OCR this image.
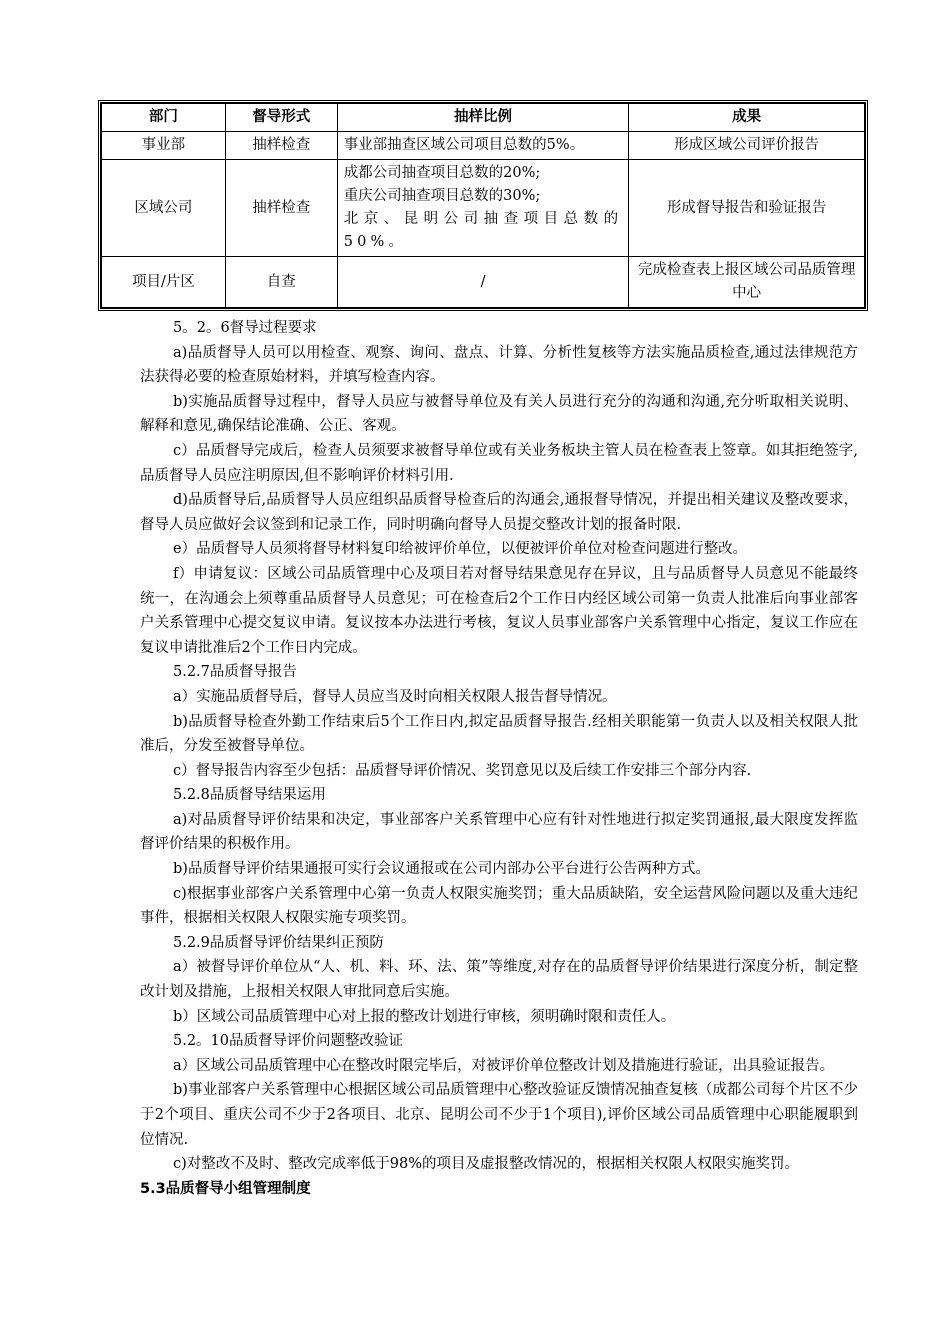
部门	督导形式	抽样比例	成果
事业部	抽样检查	事业部抽查区域公司项目总数的5%。	形成区域公司评价报告
区域公司	抽样检查	成都公司抽查项目总数的20%;
重庆公司抽查项目总数的30%;
北京、昆明公司抽查项目总数的50%。	形成督导报告和验证报告
项目/片区	自查	/	完成检查表上报区域公司品质管理中心

5。2。6督导过程要求

a)品质督导人员可以用检查、观察、询问、盘点、计算、分析性复核等方法实施品质检查,通过法律规范方法获得必要的检查原始材料，并填写检查内容。

b)实施品质督导过程中，督导人员应与被督导单位及有关人员进行充分的沟通和沟通,充分听取相关说明、解释和意见,确保结论准确、公正、客观。

c）品质督导完成后，检查人员须要求被督导单位或有关业务板块主管人员在检查表上签章。如其拒绝签字,品质督导人员应注明原因,但不影响评价材料引用.

d)品质督导后,品质督导人员应组织品质督导检查后的沟通会,通报督导情况，并提出相关建议及整改要求，督导人员应做好会议签到和记录工作，同时明确向督导人员提交整改计划的报备时限.

e）品质督导人员须将督导材料复印给被评价单位，以便被评价单位对检查问题进行整改。

f）申请复议：区域公司品质管理中心及项目若对督导结果意见存在异议，且与品质督导人员意见不能最终统一，在沟通会上须尊重品质督导人员意见；可在检查后2个工作日内经区域公司第一负责人批准后向事业部客户关系管理中心提交复议申请。复议按本办法进行考核，复议人员事业部客户关系管理中心指定，复议工作应在复议申请批准后2个工作日内完成。

5.2.7品质督导报告

a）实施品质督导后，督导人员应当及时向相关权限人报告督导情况。

b)品质督导检查外勤工作结束后5个工作日内,拟定品质督导报告.经相关职能第一负责人以及相关权限人批准后，分发至被督导单位。

c）督导报告内容至少包括：品质督导评价情况、奖罚意见以及后续工作安排三个部分内容.

5.2.8品质督导结果运用

a)对品质督导评价结果和决定，事业部客户关系管理中心应有针对性地进行拟定奖罚通报,最大限度发挥监督评价结果的积极作用。

b)品质督导评价结果通报可实行会议通报或在公司内部办公平台进行公告两种方式。

c)根据事业部客户关系管理中心第一负责人权限实施奖罚；重大品质缺陷，安全运营风险问题以及重大违纪事件，根据相关权限人权限实施专项奖罚。

5.2.9品质督导评价结果纠正预防

a）被督导评价单位从“人、机、料、环、法、策”等维度,对存在的品质督导评价结果进行深度分析，制定整改计划及措施，上报相关权限人审批同意后实施。

b）区域公司品质管理中心对上报的整改计划进行审核，须明确时限和责任人。

5.2。10品质督导评价问题整改验证

a）区域公司品质管理中心在整改时限完毕后，对被评价单位整改计划及措施进行验证，出具验证报告。

b)事业部客户关系管理中心根据区域公司品质管理中心整改验证反馈情况抽查复核（成都公司每个片区不少于2个项目、重庆公司不少于2各项目、北京、昆明公司不少于1个项目),评价区域公司品质管理中心职能履职到位情况.

c)对整改不及时、整改完成率低于98%的项目及虚报整改情况的，根据相关权限人权限实施奖罚。

5.3品质督导小组管理制度
